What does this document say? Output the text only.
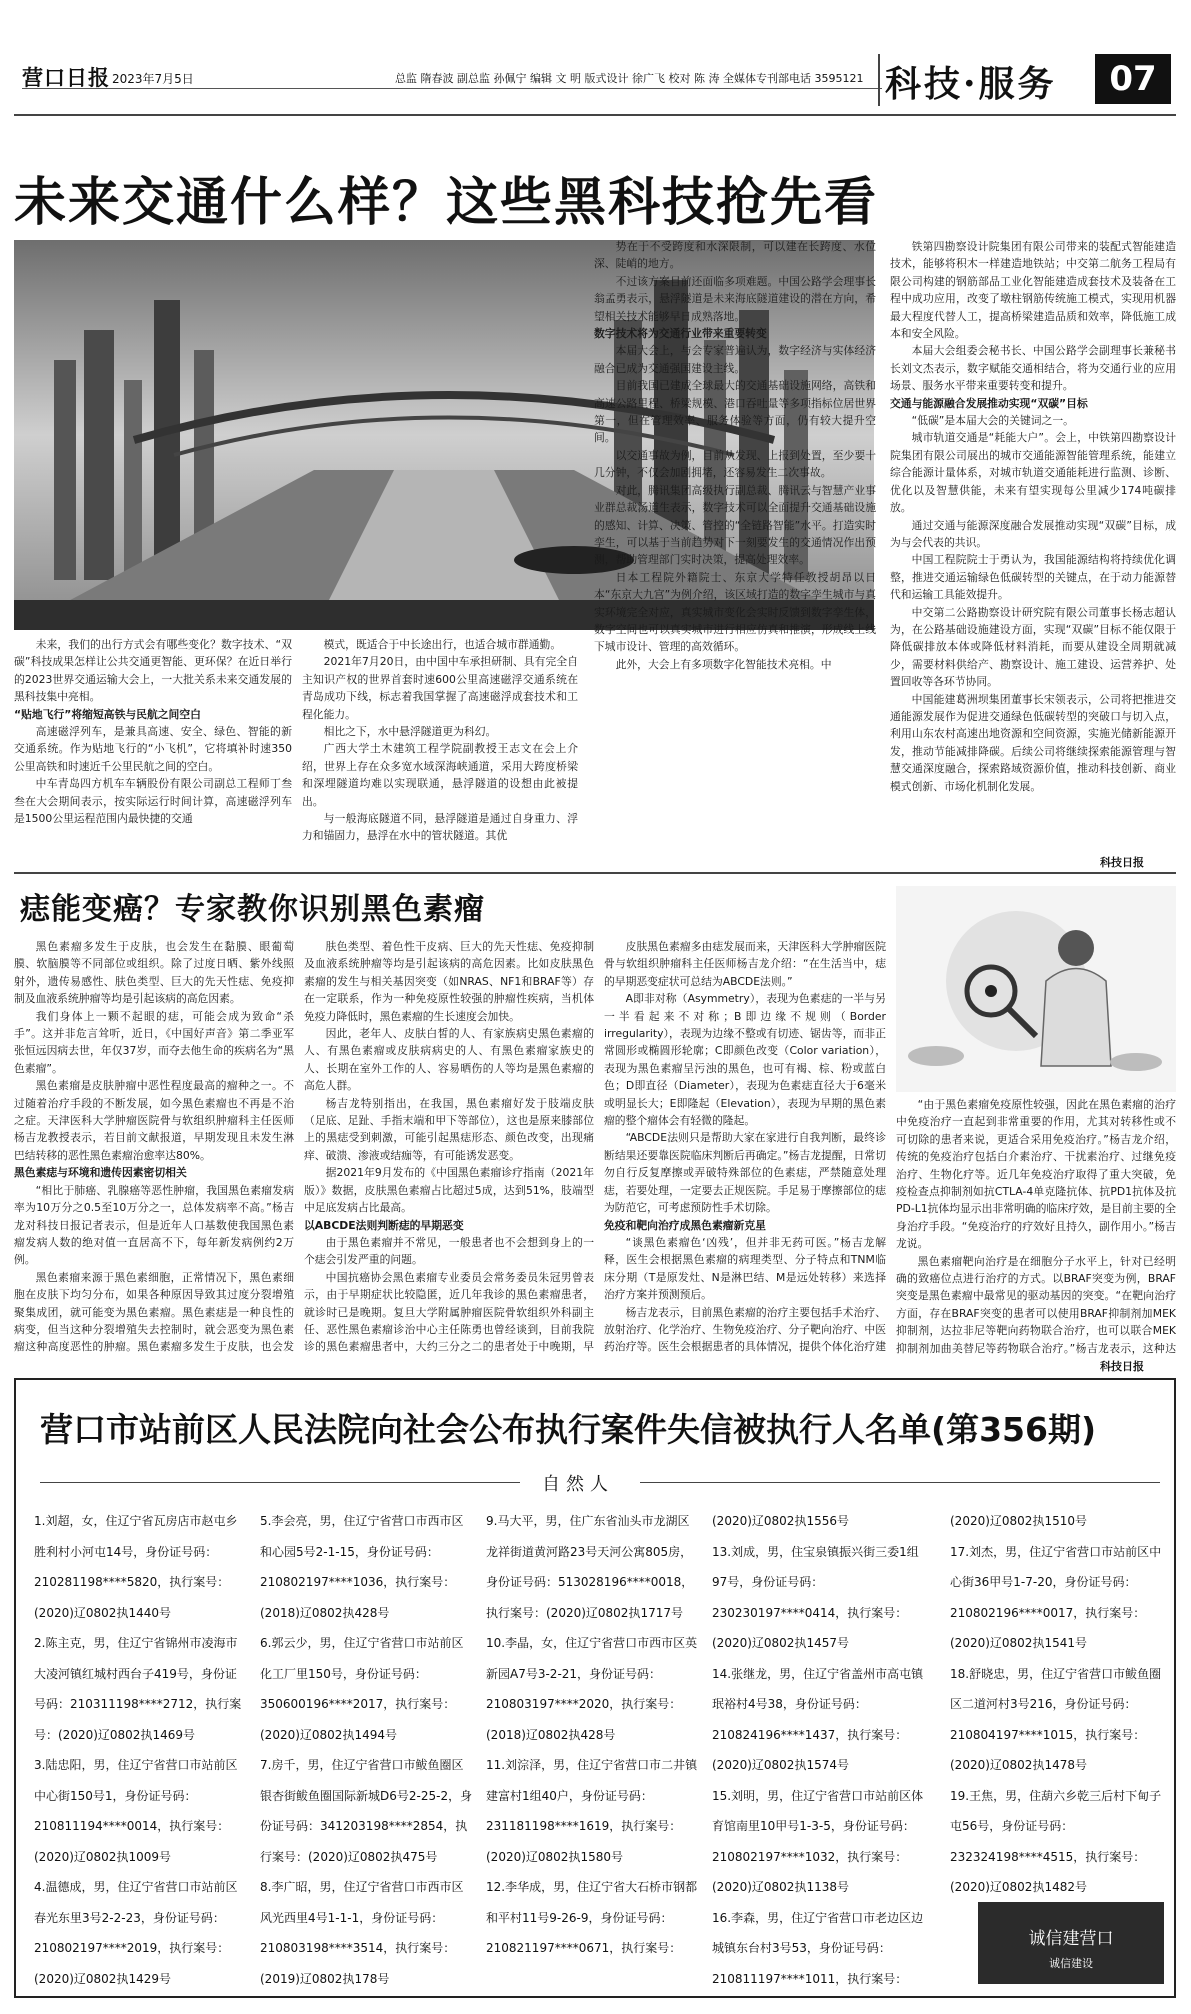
营口日报 2023年7月5日	总监 隋春波 副总监 孙佩宁 编辑 文 明 版式设计 徐广飞 校对 陈 涛 全媒体专刊部电话 3595121 科技·服务	07
未来交通什么样？这些黑科技抢先看

未来，我们的出行方式会有哪些变化？数字技术、“双碳”科技成果怎样让公共交通更智能、更环保？在近日举行的2023世界交通运输大会上，一大批关系未来交通发展的黑科技集中亮相。

“贴地飞行”将缩短高铁与民航之间空白

高速磁浮列车，是兼具高速、安全、绿色、智能的新交通系统。作为贴地飞行的“小飞机”，它将填补时速350公里高铁和时速近千公里民航之间的空白。

中车青岛四方机车车辆股份有限公司副总工程师丁叁叁在大会期间表示，按实际运行时间计算，高速磁浮列车是1500公里运程范围内最快捷的交通

模式，既适合于中长途出行，也适合城市群通勤。

2021年7月20日，由中国中车承担研制、具有完全自主知识产权的世界首套时速600公里高速磁浮交通系统在青岛成功下线，标志着我国掌握了高速磁浮成套技术和工程化能力。

相比之下，水中悬浮隧道更为科幻。

广西大学土木建筑工程学院副教授王志文在会上介绍，世界上存在众多宽水域深海峡通道，采用大跨度桥梁和深埋隧道均难以实现联通，悬浮隧道的设想由此被提出。

与一般海底隧道不同，悬浮隧道是通过自身重力、浮力和锚固力，悬浮在水中的管状隧道。其优

势在于不受跨度和水深限制，可以建在长跨度、水位深、陡峭的地方。

不过该方案目前还面临多项难题。中国公路学会理事长翁孟勇表示，悬浮隧道是未来海底隧道建设的潜在方向，希望相关技术能够早日成熟落地。

数字技术将为交通行业带来重要转变

本届大会上，与会专家普遍认为，数字经济与实体经济融合已成为交通强国建设主线。

目前我国已建成全球最大的交通基础设施网络，高铁和高速公路里程、桥梁规模、港口吞吐量等多项指标位居世界第一，但在管理效率、服务体验等方面，仍有较大提升空间。

以交通事故为例，目前从发现、上报到处置，至少要十几分钟，不仅会加剧拥堵，还容易发生二次事故。

对此，腾讯集团高级执行副总裁、腾讯云与智慧产业事业群总裁汤道生表示，数字技术可以全面提升交通基础设施的感知、计算、决策、管控的“全链路智能”水平。打造实时孪生，可以基于当前趋势对下一刻要发生的交通情况作出预测，帮助管理部门实时决策，提高处理效率。

日本工程院外籍院士、东京大学特任教授胡昂以日本“东京大九宫”为例介绍，该区域打造的数字孪生城市与真实环境完全对应，真实城市变化会实时反馈到数字孪生体，数字空间也可以真实城市进行相应仿真和推演，形成线上线下城市设计、管理的高效循环。

此外，大会上有多项数字化智能技术亮相。中

铁第四勘察设计院集团有限公司带来的装配式智能建造技术，能够将积木一样建造地铁站；中交第二航务工程局有限公司构建的钢筋部品工业化智能建造成套技术及装备在工程中成功应用，改变了墩柱钢筋传统施工模式，实现用机器最大程度代替人工，提高桥梁建造品质和效率，降低施工成本和安全风险。

本届大会组委会秘书长、中国公路学会副理事长兼秘书长刘文杰表示，数字赋能交通相结合，将为交通行业的应用场景、服务水平带来重要转变和提升。

交通与能源融合发展推动实现“双碳”目标

“低碳”是本届大会的关键词之一。

城市轨道交通是“耗能大户”。会上，中铁第四勘察设计院集团有限公司展出的城市交通能源智能管理系统，能建立综合能源计量体系，对城市轨道交通能耗进行监测、诊断、优化以及智慧供能，未来有望实现每公里减少174吨碳排放。

通过交通与能源深度融合发展推动实现“双碳”目标，成为与会代表的共识。

中国工程院院士于勇认为，我国能源结构将持续优化调整，推进交通运输绿色低碳转型的关键点，在于动力能源替代和运输工具能效提升。

中交第二公路勘察设计研究院有限公司董事长杨志超认为，在公路基础设施建设方面，实现“双碳”目标不能仅限于降低碳排放本体或降低材料消耗，而要从建设全周期就减少，需要材料供给产、勘察设计、施工建设、运营养护、处置回收等各环节协同。

中国能建葛洲坝集团董事长宋领表示，公司将把推进交通能源发展作为促进交通绿色低碳转型的突破口与切入点，利用山东农村高速出地资源和空间资源，实施光储新能源开发，推动节能减排降碳。后续公司将继续探索能源管理与智慧交通深度融合，探索路域资源价值，推动科技创新、商业模式创新、市场化机制化发展。

科技日报
痣能变癌？专家教你识别黑色素瘤

黑色素瘤多发生于皮肤，也会发生在黏膜、眼葡萄膜、软脑膜等不同部位或组织。除了过度日晒、紫外线照射外，遗传易感性、肤色类型、巨大的先天性痣、免疫抑制及血液系统肿瘤等均是引起该病的高危因素。

我们身体上一颗不起眼的痣，可能会成为致命“杀手”。这并非危言耸听，近日，《中国好声音》第二季亚军张恒远因病去世，年仅37岁，而夺去他生命的疾病名为“黑色素瘤”。

黑色素瘤是皮肤肿瘤中恶性程度最高的瘤种之一。不过随着治疗手段的不断发展，如今黑色素瘤也不再是不治之症。天津医科大学肿瘤医院骨与软组织肿瘤科主任医师杨吉龙教授表示，若目前文献报道，早期发现且未发生淋巴结转移的恶性黑色素瘤治愈率达80%。

黑色素痣与环境和遗传因素密切相关

“相比于肺癌、乳腺癌等恶性肿瘤，我国黑色素瘤发病率为10万分之0.5至10万分之一，总体发病率不高。”杨吉龙对科技日报记者表示，但是近年人口基数使我国黑色素瘤发病人数的绝对值一直居高不下，每年新发病例约2万例。

黑色素瘤来源于黑色素细胞，正常情况下，黑色素细胞在皮肤下均匀分布，如果各种原因导致其过度分裂增殖聚集成团，就可能变为黑色素瘤。黑色素痣是一种良性的病变，但当这种分裂增殖失去控制时，就会恶变为黑色素瘤这种高度恶性的肿瘤。黑色素瘤多发生于皮肤，也会发

肤色类型、着色性干皮病、巨大的先天性痣、免疫抑制及血液系统肿瘤等均是引起该病的高危因素。比如皮肤黑色素瘤的发生与相关基因突变（如NRAS、NF1和BRAF等）存在一定联系，作为一种免疫原性较强的肿瘤性疾病，当机体免疫力降低时，黑色素瘤的生长速度会加快。

因此，老年人、皮肤白皙的人、有家族病史黑色素瘤的人、有黑色素瘤或皮肤病病史的人、有黑色素瘤家族史的人、长期在室外工作的人、容易晒伤的人等均是黑色素瘤的高危人群。

杨吉龙特别指出，在我国，黑色素瘤好发于肢端皮肤（足底、足趾、手指末端和甲下等部位），这也是原来膝部位上的黑痣受到刺激，可能引起黑痣形态、颜色改变，出现痛痒、破溃、渗液或结痂等，有可能诱发恶变。

据2021年9月发布的《中国黑色素瘤诊疗指南（2021年版）》数据，皮肤黑色素瘤占比超过5成，达到51%，肢端型中足底发病占比最高。

以ABCDE法则判断痣的早期恶变

由于黑色素瘤并不常见，一般患者也不会想到身上的一个痣会引发严重的问题。

中国抗癌协会黑色素瘤专业委员会常务委员朱冠男曾表示，由于早期症状比较隐匿，近几年我诊的黑色素瘤患者，就诊时已是晚期。复旦大学附属肿瘤医院骨软组织外科副主任、恶性黑色素瘤诊治中心主任陈勇也曾经谈到，目前我院诊的黑色素瘤患者中，大约三分之二的患者处于中晚期，早

皮肤黑色素瘤多由痣发展而来，天津医科大学肿瘤医院骨与软组织肿瘤科主任医师杨吉龙介绍：“在生活当中，痣的早期恶变症状可总结为ABCDE法则。”

A即非对称（Asymmetry），表现为色素痣的一半与另一半看起来不对称；B即边缘不规则（Border irregularity），表现为边缘不整或有切迹、锯齿等，而非正常圆形或椭圆形轮廓；C即颜色改变（Color variation），表现为黑色素瘤呈污浊的黑色，也可有褐、棕、粉或蓝白色；D即直径（Diameter），表现为色素痣直径大于6毫米或明显长大；E即隆起（Elevation），表现为早期的黑色素瘤的整个瘤体会有轻微的隆起。

“ABCDE法则只是帮助大家在家进行自我判断，最终诊断结果还要靠医院临床判断后再确定。”杨吉龙提醒，日常切勿自行反复摩擦或弄破特殊部位的色素痣，严禁随意处理痣，若要处理，一定要去正规医院。手足易于摩擦部位的痣为防范它，可考虑预防性手术切除。

免疫和靶向治疗成黑色素瘤新克星

“谈黑色素瘤色‘凶残’，但并非无药可医。”杨吉龙解释，医生会根据黑色素瘤的病理类型、分子特点和TNM临床分期（T是原发灶、N是淋巴结、M是远处转移）来选择治疗方案并预测预后。

杨吉龙表示，目前黑色素瘤的治疗主要包括手术治疗、放射治疗、化学治疗、生物免疫治疗、分子靶向治疗、中医药治疗等。医生会根据患者的具体情况，提供个体化治疗建

“由于黑色素瘤免疫原性较强，因此在黑色素瘤的治疗中免疫治疗一直起到非常重要的作用，尤其对转移性或不可切除的患者来说，更适合采用免疫治疗。”杨吉龙介绍，传统的免疫治疗包括白介素治疗、干扰素治疗、过继免疫治疗、生物化疗等。近几年免疫治疗取得了重大突破，免疫检查点抑制剂如抗CTLA-4单克隆抗体、抗PD1抗体及抗PD-L1抗体均显示出非常明确的临床疗效，是目前主要的全身治疗手段。“免疫治疗的疗效好且持久，副作用小。”杨吉龙说。

黑色素瘤靶向治疗是在细胞分子水平上，针对已经明确的致癌位点进行治疗的方式。以BRAF突变为例，BRAF突变是黑色素瘤中最常见的驱动基因的突变。“在靶向治疗方面，存在BRAF突变的患者可以使用BRAF抑制剂加MEK抑制剂，达拉非尼等靶向药物联合治疗，也可以联合MEK抑制剂加曲美替尼等药物联合治疗。”杨吉龙表示，这种达

科技日报
营口市站前区人民法院向社会公布执行案件失信被执行人名单(第356期)
自然人

1.刘超，女，住辽宁省瓦房店市赵屯乡胜利村小河屯14号，身份证号码：210281198****5820，执行案号：(2020)辽0802执1440号

2.陈主克，男，住辽宁省锦州市凌海市大凌河镇红城村西台子419号，身份证号码：210311198****2712，执行案号：(2020)辽0802执1469号

3.陆忠阳，男，住辽宁省营口市站前区中心街150号1，身份证号码：210811194****0014，执行案号：(2020)辽0802执1009号

4.温德成，男，住辽宁省营口市站前区春光东里3号2-2-23，身份证号码：210802197****2019，执行案号：(2020)辽0802执1429号

5.李会亮，男，住辽宁省营口市西市区和心园5号2-1-15，身份证号码：210802197****1036，执行案号：(2018)辽0802执428号

6.郭云少，男，住辽宁省营口市站前区化工厂里150号，身份证号码：350600196****2017，执行案号：(2020)辽0802执1494号

7.房千，男，住辽宁省营口市鲅鱼圈区银杏街鲅鱼圈国际新城D6号2-25-2，身份证号码：341203198****2854，执行案号：(2020)辽0802执475号

8.李广昭，男，住辽宁省营口市西市区风光西里4号1-1-1，身份证号码：210803198****3514，执行案号：(2019)辽0802执178号

9.马大平，男，住广东省汕头市龙湖区龙祥街道黄河路23号天河公寓805房，身份证号码：513028196****0018，执行案号：(2020)辽0802执1717号

10.李晶，女，住辽宁省营口市西市区英新园A7号3-2-21，身份证号码：210803197****2020，执行案号：(2018)辽0802执428号

11.刘淙泽，男，住辽宁省营口市二井镇建富村1组40户，身份证号码：231181198****1619，执行案号：(2020)辽0802执1580号

12.李华成，男，住辽宁省大石桥市钢都和平村11号9-26-9，身份证号码：210821197****0671，执行案号：

(2020)辽0802执1556号

13.刘成，男，住宝泉镇振兴街三委1组97号，身份证号码：230230197****0414，执行案号：(2020)辽0802执1457号

14.张继龙，男，住辽宁省盖州市高屯镇珉裕村4号38，身份证号码：210824196****1437，执行案号：(2020)辽0802执1574号

15.刘明，男，住辽宁省营口市站前区体育馆南里10甲号1-3-5，身份证号码：210802197****1032，执行案号：(2020)辽0802执1138号

16.李森，男，住辽宁省营口市老边区边城镇东台村3号53，身份证号码：210811197****1011，执行案号：

(2020)辽0802执1510号

17.刘杰，男，住辽宁省营口市站前区中心街36甲号1-7-20，身份证号码：210802196****0017，执行案号：(2020)辽0802执1541号

18.舒晓忠，男，住辽宁省营口市鲅鱼圈区二道河村3号216，身份证号码：210804197****1015，执行案号：(2020)辽0802执1478号

19.王焦，男，住葫六乡乾三后村下甸子屯56号，身份证号码：232324198****4515，执行案号：(2020)辽0802执1482号

诚信建营口
诚信建设
